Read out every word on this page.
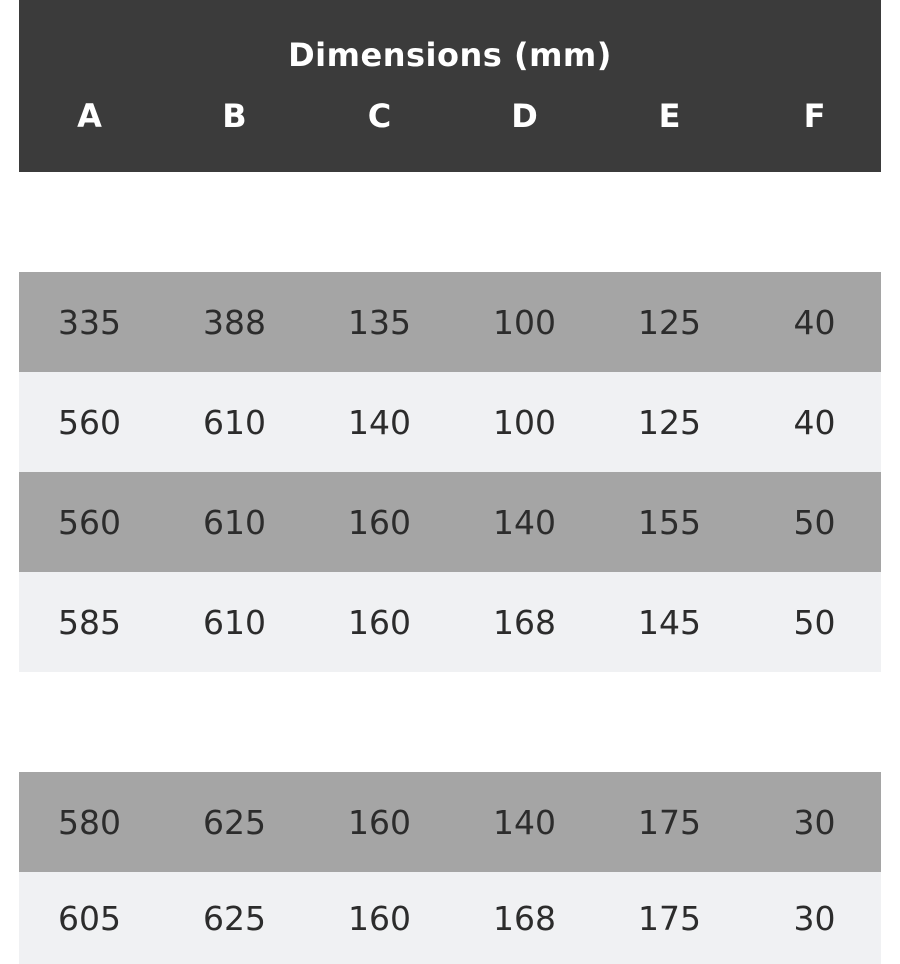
Dimensions (mm)
A	B	C	D	E	F
335	388	135	100	125	40
560	610	140	100	125	40
560	610	160	140	155	50
585	610	160	168	145	50
580	625	160	140	175	30
605	625	160	168	175	30
